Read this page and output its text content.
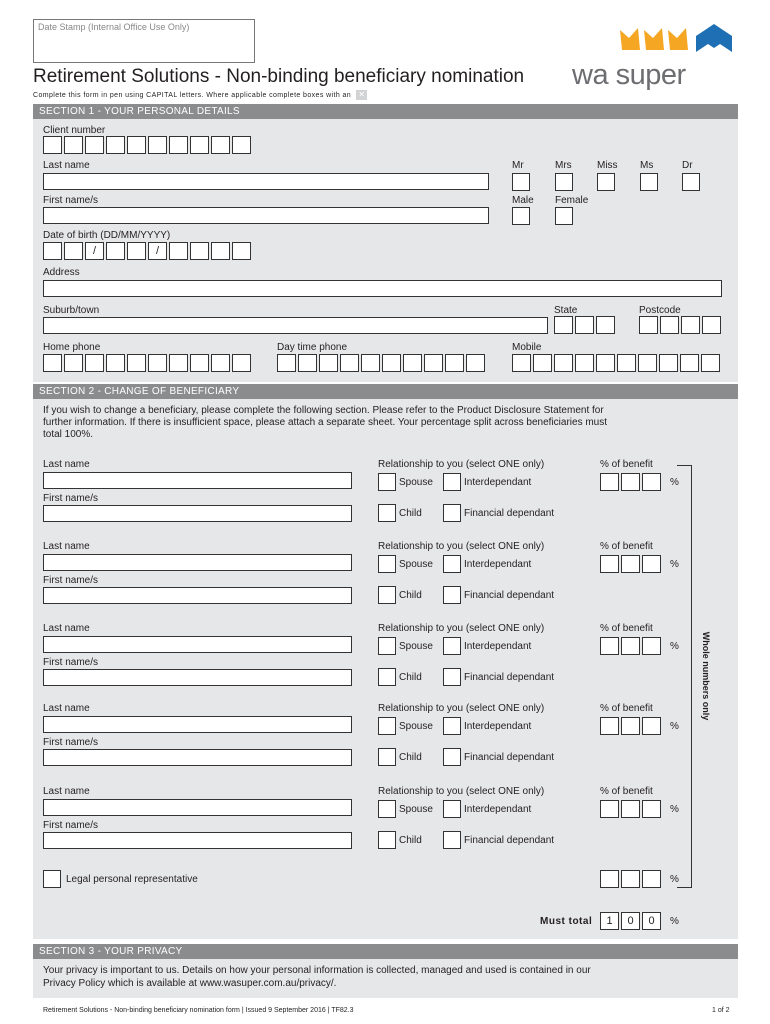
Date Stamp (Internal Office Use Only)
wa super
Retirement Solutions - Non-binding beneficiary nomination
Complete this form in pen using CAPITAL letters. Where applicable complete boxes with an ✕
SECTION 1 - YOUR PERSONAL DETAILS
Client number
Last name	Mr	Mrs	Miss Ms	Dr
First name/s	Male Female
Date of birth (DD/MM/YYYY)
/	/
Address
Suburb/town	State	Postcode
Home phone	Day time phone	Mobile
SECTION 2 - CHANGE OF BENEFICIARY
If you wish to change a beneficiary, please complete the following section. Please refer to the Product Disclosure Statement for
further information. If there is insufficient space, please attach a separate sheet. Your percentage split across beneficiaries must
total 100%.
Last name
First name/s
Relationship to you (select ONE only)
Spouse	Interdependant
Child	Financial dependant
% of benefit
%
Last name
First name/s
Relationship to you (select ONE only)
Spouse	Interdependant
Child	Financial dependant
% of benefit
%
Last name
First name/s
Relationship to you (select ONE only)
Spouse	Interdependant
Child	Financial dependant
% of benefit
%
Last name
First name/s
Relationship to you (select ONE only)
Spouse	Interdependant
Child	Financial dependant
% of benefit
%
Last name
First name/s
Relationship to you (select ONE only)
Spouse	Interdependant
Child	Financial dependant
% of benefit
%
Legal personal representative	%
Whole numbers only
Must total	1	0	0	%
SECTION 3 - YOUR PRIVACY
Your privacy is important to us. Details on how your personal information is collected, managed and used is contained in our
Privacy Policy which is available at www.wasuper.com.au/privacy/.
Retirement Solutions - Non-binding beneficiary nomination form | Issued 9 September 2016 | TF82.3	1 of 2
